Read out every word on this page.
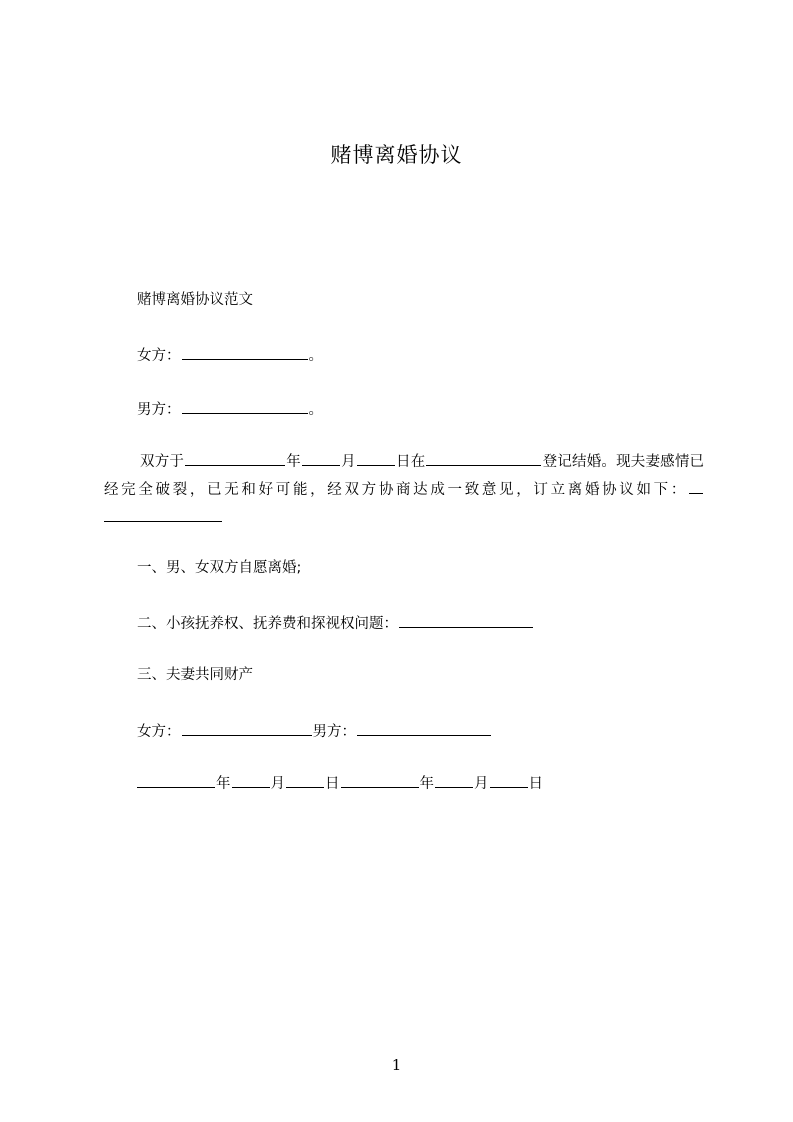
赌博离婚协议
赌博离婚协议范文
女方：	。
男方：	。
双方于	年	月	日在	登记结婚。现夫妻感情已经完全破裂，已无和好可能，经双方协商达成一致意见，订立离婚协议如下：
一、男、女双方自愿离婚;
二、小孩抚养权、抚养费和探视权问题：
三、夫妻共同财产
女方：	男方：
年	月	日	年	月	日
1
